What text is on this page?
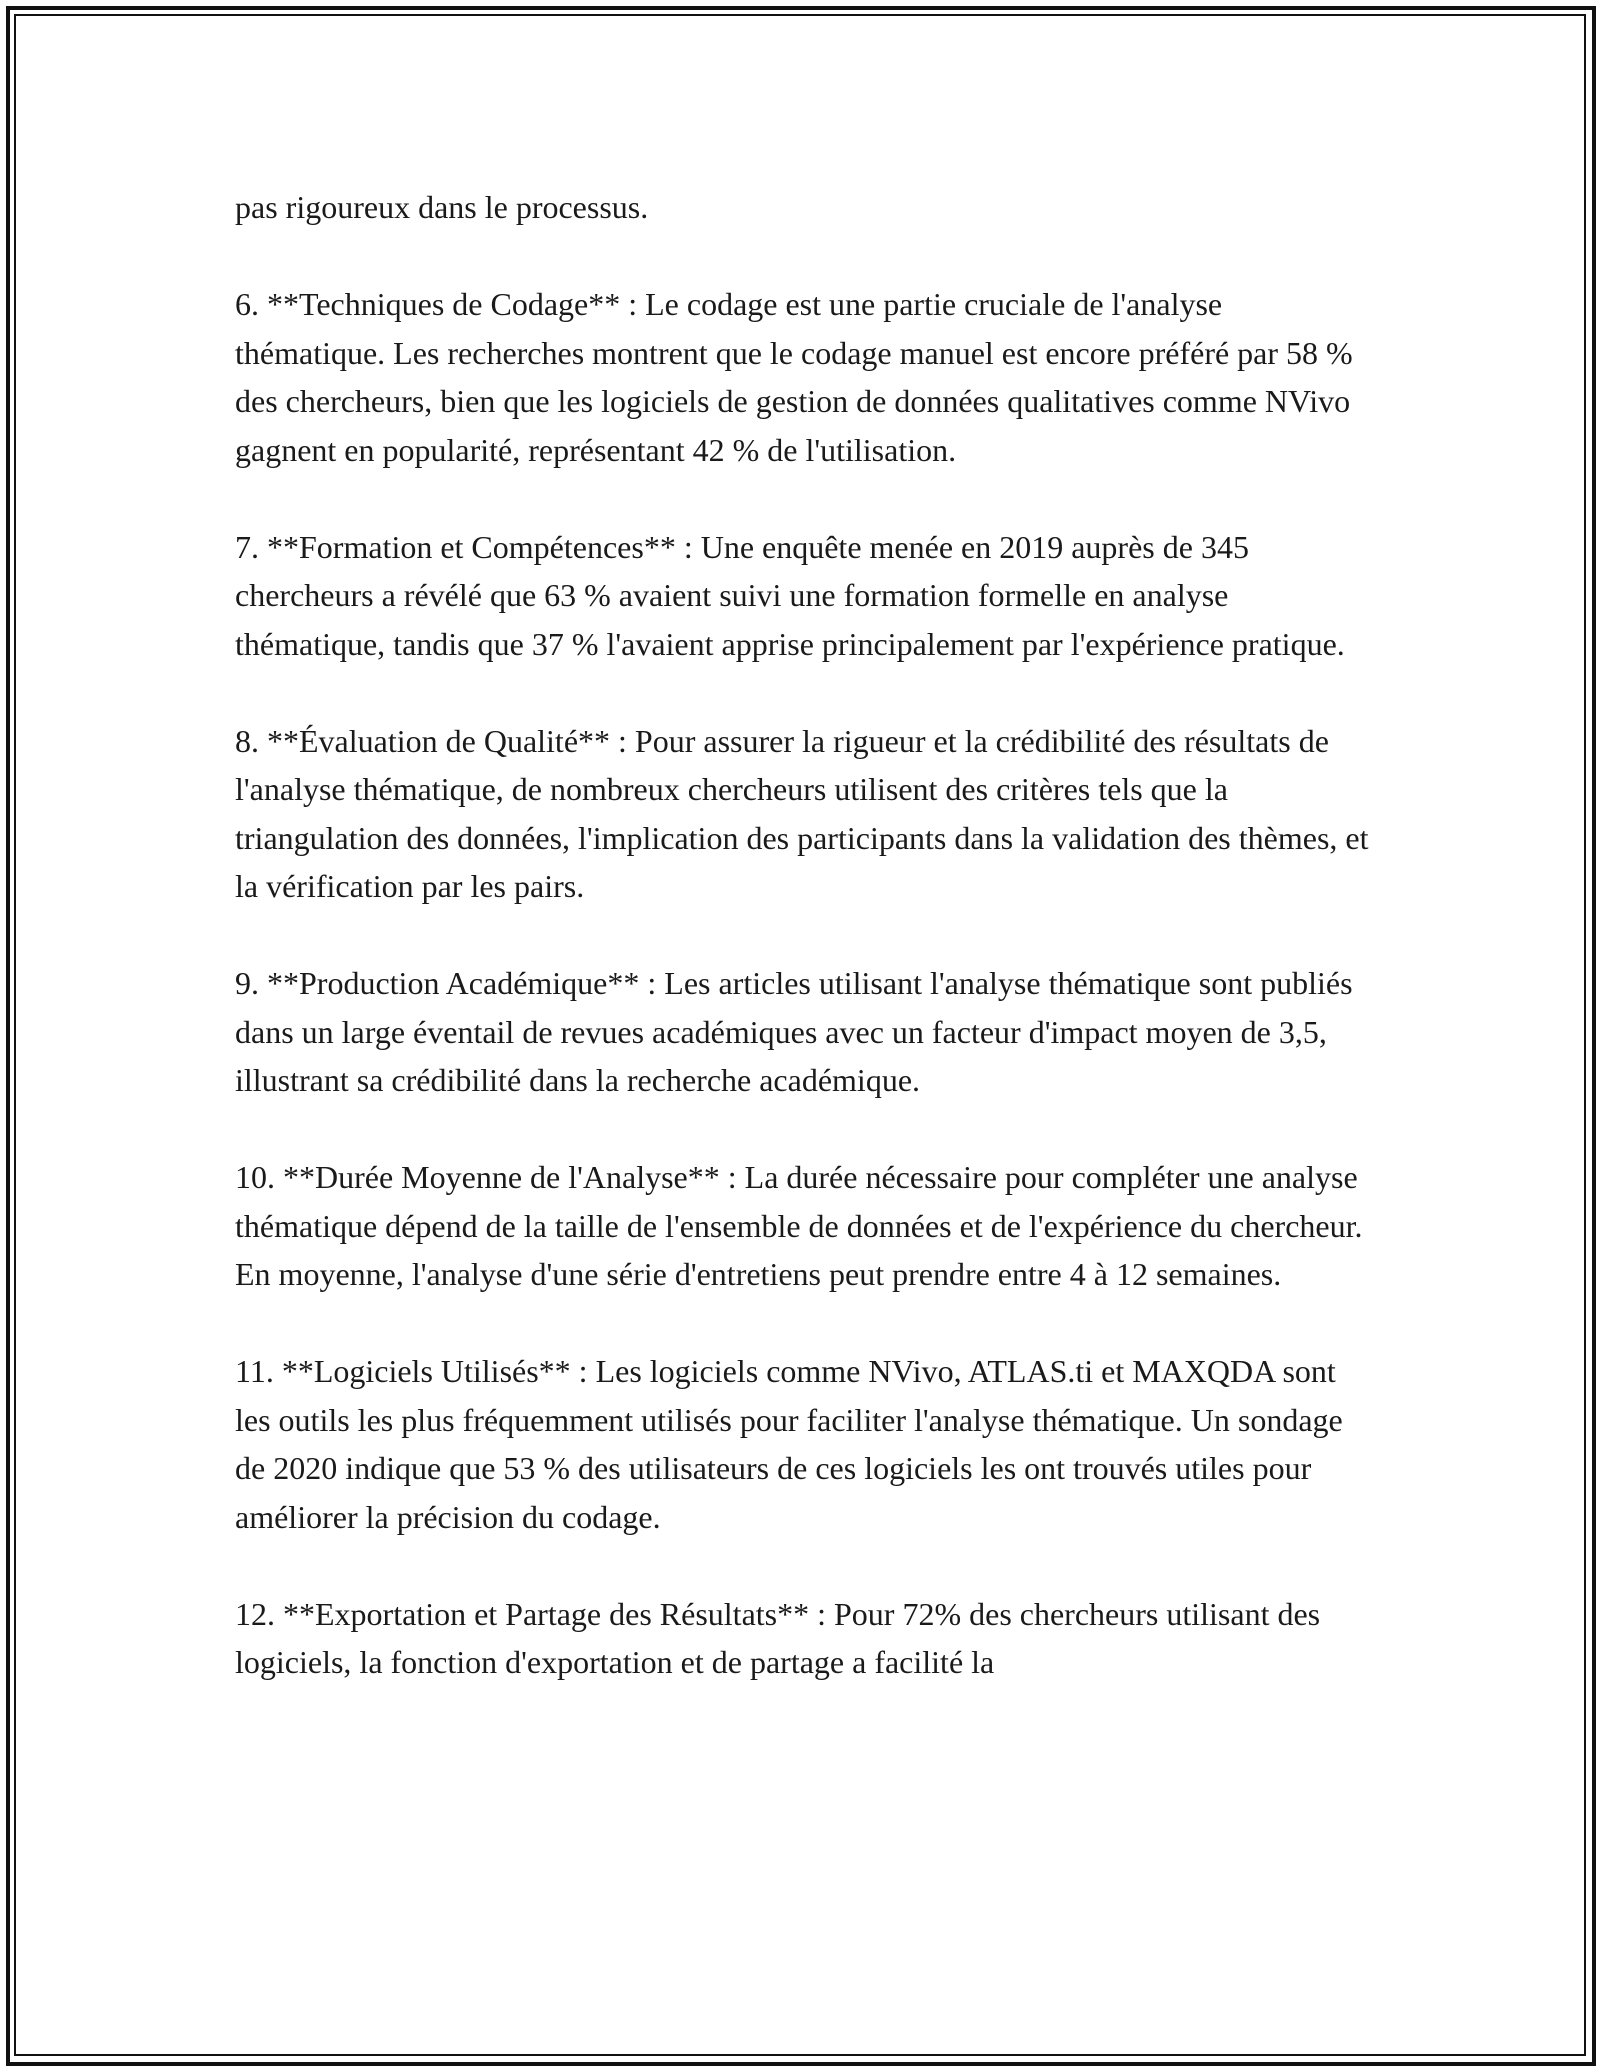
pas rigoureux dans le processus.

6. **Techniques de Codage** : Le codage est une partie cruciale de l'analyse thématique. Les recherches montrent que le codage manuel est encore préféré par 58 % des chercheurs, bien que les logiciels de gestion de données qualitatives comme NVivo gagnent en popularité, représentant 42 % de l'utilisation.

7. **Formation et Compétences** : Une enquête menée en 2019 auprès de 345 chercheurs a révélé que 63 % avaient suivi une formation formelle en analyse thématique, tandis que 37 % l'avaient apprise principalement par l'expérience pratique.

8. **Évaluation de Qualité** : Pour assurer la rigueur et la crédibilité des résultats de l'analyse thématique, de nombreux chercheurs utilisent des critères tels que la triangulation des données, l'implication des participants dans la validation des thèmes, et la vérification par les pairs.

9. **Production Académique** : Les articles utilisant l'analyse thématique sont publiés dans un large éventail de revues académiques avec un facteur d'impact moyen de 3,5, illustrant sa crédibilité dans la recherche académique.

10. **Durée Moyenne de l'Analyse** : La durée nécessaire pour compléter une analyse thématique dépend de la taille de l'ensemble de données et de l'expérience du chercheur. En moyenne, l'analyse d'une série d'entretiens peut prendre entre 4 à 12 semaines.

11. **Logiciels Utilisés** : Les logiciels comme NVivo, ATLAS.ti et MAXQDA sont les outils les plus fréquemment utilisés pour faciliter l'analyse thématique. Un sondage de 2020 indique que 53 % des utilisateurs de ces logiciels les ont trouvés utiles pour améliorer la précision du codage.

12. **Exportation et Partage des Résultats** : Pour 72% des chercheurs utilisant des logiciels, la fonction d'exportation et de partage a facilité la
